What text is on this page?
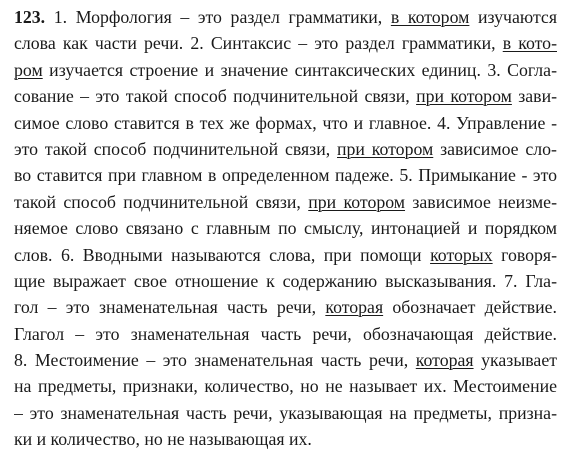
123. 1. Морфология – это раздел грамматики, в котором изучаются
слова как части речи. 2. Синтаксис – это раздел грамматики, в кото-
ром изучается строение и значение синтаксических единиц. 3. Согла-
сование – это такой способ подчинительной связи, при котором зави-
симое слово ставится в тех же формах, что и главное. 4. Управление -
это такой способ подчинительной связи, при котором зависимое сло-
во ставится при главном в определенном падеже. 5. Примыкание - это
такой способ подчинительной связи, при котором зависимое неизме-
няемое слово связано с главным по смыслу, интонацией и порядком
слов. 6. Вводными называются слова, при помощи которых говоря-
щие выражает свое отношение к содержанию высказывания. 7. Гла-
гол – это знаменательная часть речи, которая обозначает действие.
Глагол – это знаменательная часть речи, обозначающая действие.
8. Местоимение – это знаменательная часть речи, которая указывает
на предметы, признаки, количество, но не называет их. Местоимение
– это знаменательная часть речи, указывающая на предметы, призна-
ки и количество, но не называющая их.
